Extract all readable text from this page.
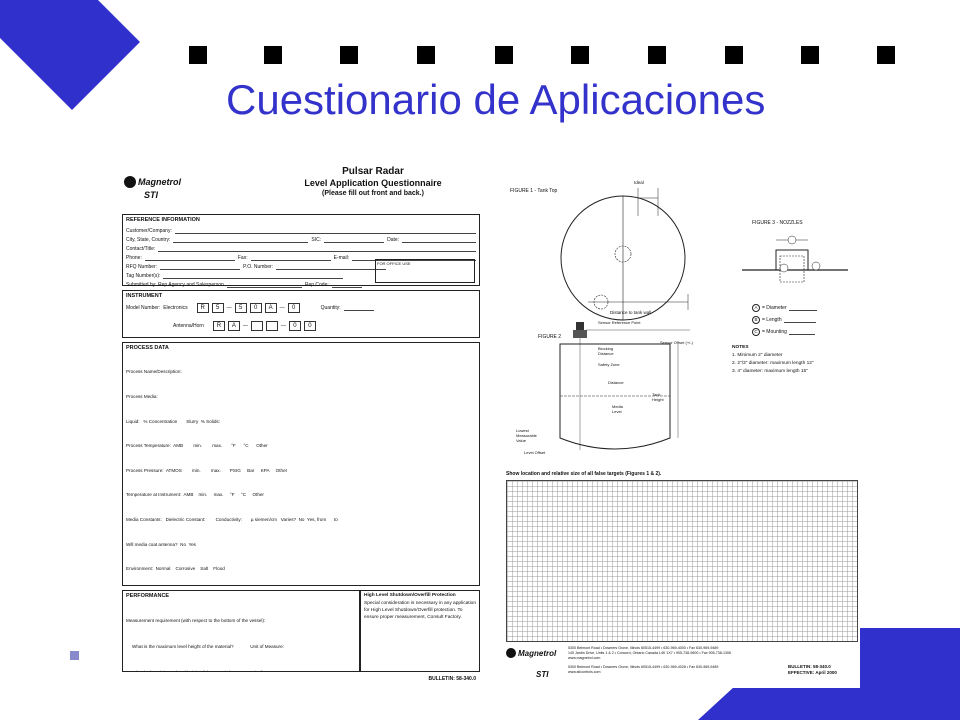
Cuestionario de Aplicaciones
Magnetrol
STI
Pulsar Radar
Level Application Questionnaire
(Please fill out front and back.)
REFERENCE INFORMATION
Customer/Company:
City, State, Country:	SIC:	Date:
Contact/Title:
Phone:	Fax:	E-mail:
RFQ Number:	P.O. Number:
Tag Number(s):
Submitted by: Rep Agency and Salesperson	Rep Code:
FOR OFFICE USE
INSTRUMENT
Model Number: Electronics	R	5	—	5	0	A	—	0	Quantity:
Antenna/Horn	R	A	—	—	0	0
PROCESS DATA

Process Name/Description:

Process Media:

Liquid:   % Concentration       Slurry  % Solids:

Process Temperature:  AMB        min.        max.       °F      °C      Other

Process Pressure:  ATMOS        min.        max.       PSIG     Bar     KPA     Other

Temperature at Instrument:  AMB    min.     max.     °F     °C     Other

Media Constants:   Dielectric Constant:        Conductivity:       µ siemen/cm   Varies?  No  Yes, from      to

Will media coat antenna?  No  Yes

Environment:  Normal    Corrosive    Salt    Flood

PERFORMANCE

Measurement requirement (with respect to the bottom of the vessel):

What is the maximum level height of the material?             Unit of Measure:

High Level Shutdown/Overfill Protection
Special consideration is necessary in any application for High Level Shutdown/Overfill protection. To ensure proper measurement, Consult Factory.
BULLETIN: 58-340.0
FIGURE 1 - Tank Top
Ideal
Distance to tank wall
FIGURE 3 - NOZZLES
A = Diameter
B = Length
C = Mounting
NOTES
1. Minimum 2" diameter
2. 2"/3" diameter: maximum length 12"
3. 4" diameter: maximum length 15"
FIGURE 2
Sensor Reference Point
Sensor Offset (+/-)
Blocking Distance
Safety Zone
Distance
Media Level
Tank Height
Lowest Measurable Value
Level Offset
Show location and relative size of all false targets (Figures 1 & 2).
Magnetrol
STI
5300 Belmont Road • Downers Grove, Illinois 60515-4499 • 630-969-4000 • Fax 630-969-9489
145 Jardin Drive, Units 1 & 2 • Concord, Ontario Canada L4K 1X7 • 905-738-9600 • Fax 905-738-1306
www.magnetrol.com
5300 Belmont Road • Downers Grove, Illinois 60515-4499 • 630-969-4028 • Fax 630-969-9489
www.sticontrols.com
BULLETIN: 58-340.0
EFFECTIVE: April 2000
